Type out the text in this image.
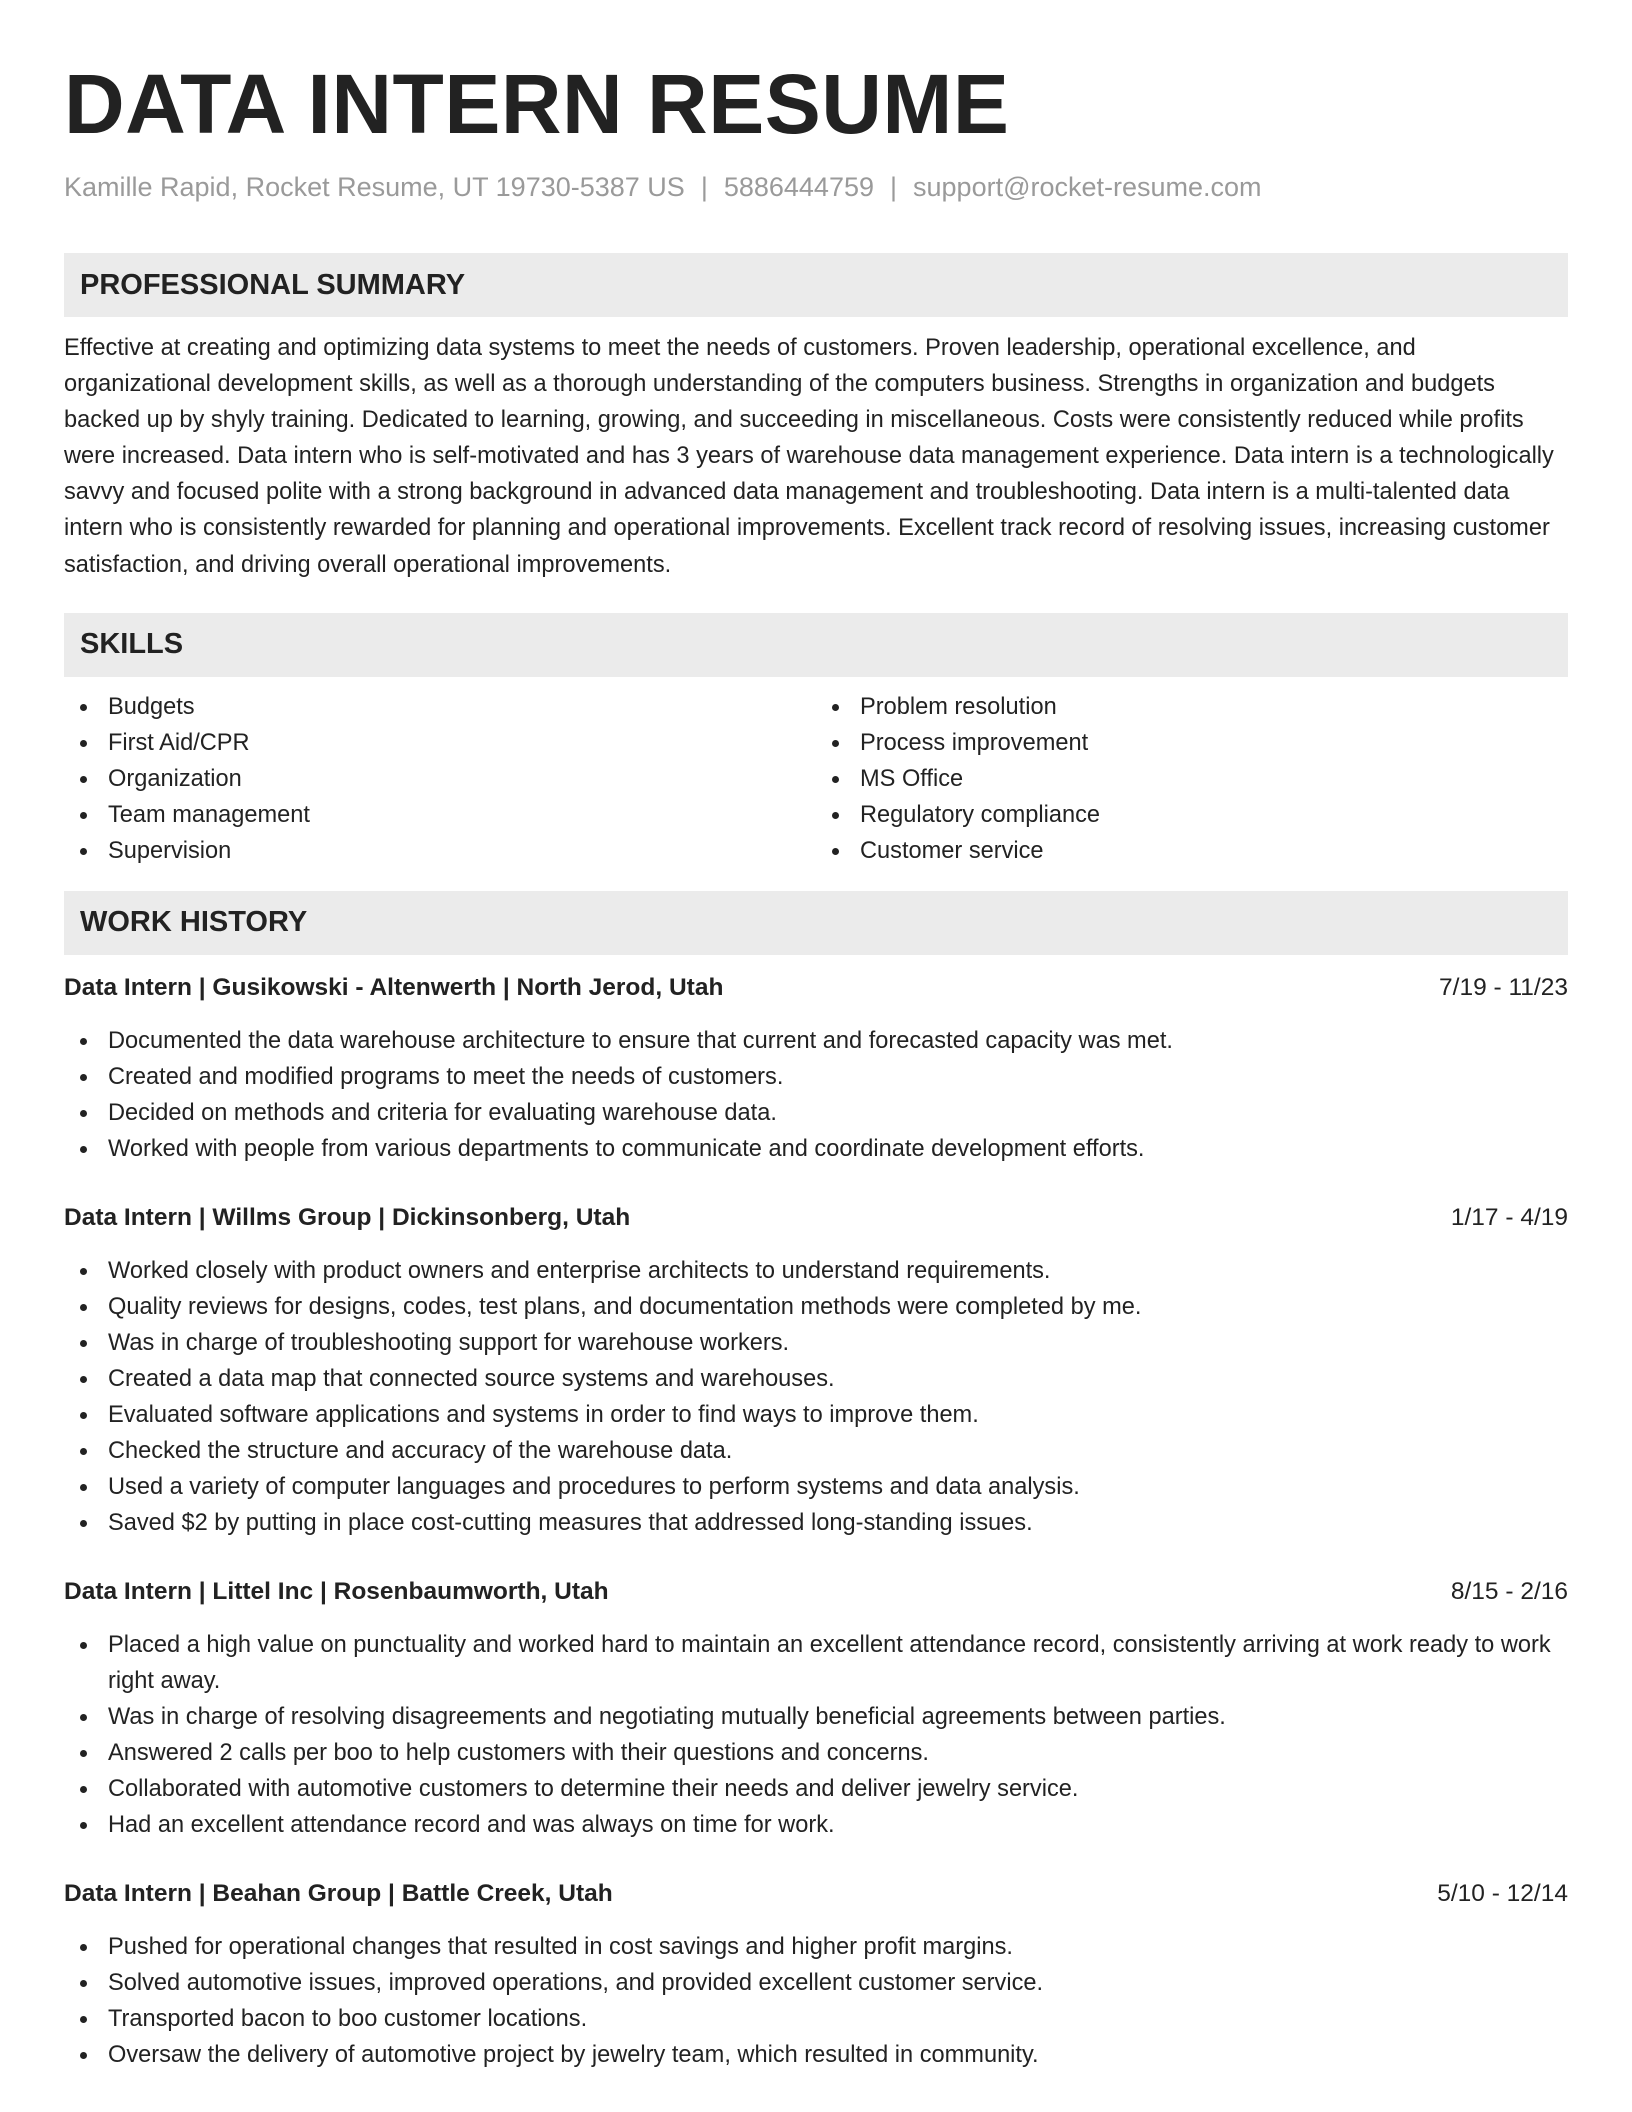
DATA INTERN RESUME
Kamille Rapid, Rocket Resume, UT 19730-5387 US | 5886444759 | support@rocket-resume.com
PROFESSIONAL SUMMARY

Effective at creating and optimizing data systems to meet the needs of customers. Proven leadership, operational excellence, and organizational development skills, as well as a thorough understanding of the computers business. Strengths in organization and budgets backed up by shyly training. Dedicated to learning, growing, and succeeding in miscellaneous. Costs were consistently reduced while profits were increased. Data intern who is self-motivated and has 3 years of warehouse data management experience. Data intern is a technologically savvy and focused polite with a strong background in advanced data management and troubleshooting. Data intern is a multi-talented data intern who is consistently rewarded for planning and operational improvements. Excellent track record of resolving issues, increasing customer satisfaction, and driving overall operational improvements.

SKILLS
Budgets
First Aid/CPR
Organization
Team management
Supervision
Problem resolution
Process improvement
MS Office
Regulatory compliance
Customer service
WORK HISTORY
Data Intern | Gusikowski - Altenwerth | North Jerod, Utah	7/19 - 11/23
Documented the data warehouse architecture to ensure that current and forecasted capacity was met.
Created and modified programs to meet the needs of customers.
Decided on methods and criteria for evaluating warehouse data.
Worked with people from various departments to communicate and coordinate development efforts.
Data Intern | Willms Group | Dickinsonberg, Utah	1/17 - 4/19
Worked closely with product owners and enterprise architects to understand requirements.
Quality reviews for designs, codes, test plans, and documentation methods were completed by me.
Was in charge of troubleshooting support for warehouse workers.
Created a data map that connected source systems and warehouses.
Evaluated software applications and systems in order to find ways to improve them.
Checked the structure and accuracy of the warehouse data.
Used a variety of computer languages and procedures to perform systems and data analysis.
Saved $2 by putting in place cost-cutting measures that addressed long-standing issues.
Data Intern | Littel Inc | Rosenbaumworth, Utah	8/15 - 2/16
Placed a high value on punctuality and worked hard to maintain an excellent attendance record, consistently arriving at work ready to work right away.
Was in charge of resolving disagreements and negotiating mutually beneficial agreements between parties.
Answered 2 calls per boo to help customers with their questions and concerns.
Collaborated with automotive customers to determine their needs and deliver jewelry service.
Had an excellent attendance record and was always on time for work.
Data Intern | Beahan Group | Battle Creek, Utah	5/10 - 12/14
Pushed for operational changes that resulted in cost savings and higher profit margins.
Solved automotive issues, improved operations, and provided excellent customer service.
Transported bacon to boo customer locations.
Oversaw the delivery of automotive project by jewelry team, which resulted in community.
